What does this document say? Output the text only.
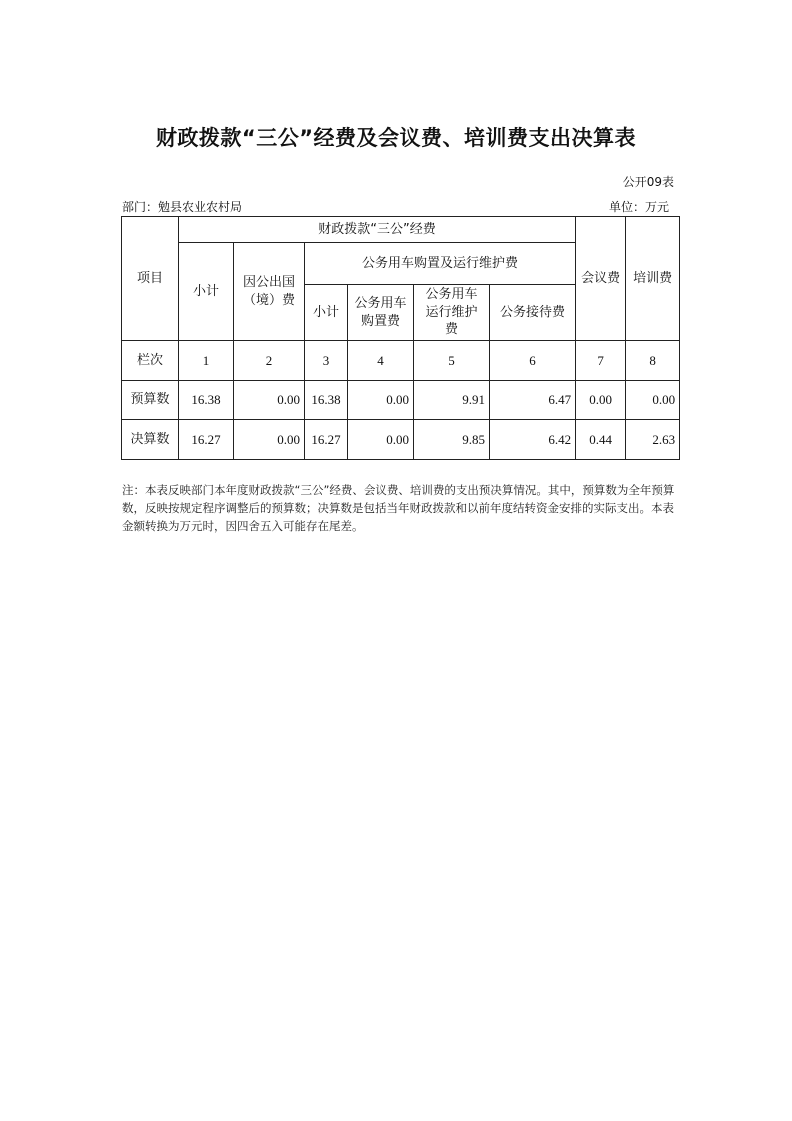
财政拨款“三公”经费及会议费、培训费支出决算表
公开09表
部门：勉县农业农村局	单位：万元
项目	财政拨款“三公”经费						会议费	培训费
	小计	因公出国（境）费	公务用车购置及运行维护费					
			小计	公务用车购置费	公务用车运行维护费	公务接待费		
栏次	1	2	3	4	5	6	7	8
预算数	16.38	0.00	16.38	0.00	9.91	6.47	0.00	0.00
决算数	16.27	0.00	16.27	0.00	9.85	6.42	0.44	2.63
注：本表反映部门本年度财政拨款“三公”经费、会议费、培训费的支出预决算情况。其中，预算数为全年预算数，反映按规定程序调整后的预算数；决算数是包括当年财政拨款和以前年度结转资金安排的实际支出。本表金额转换为万元时，因四舍五入可能存在尾差。
